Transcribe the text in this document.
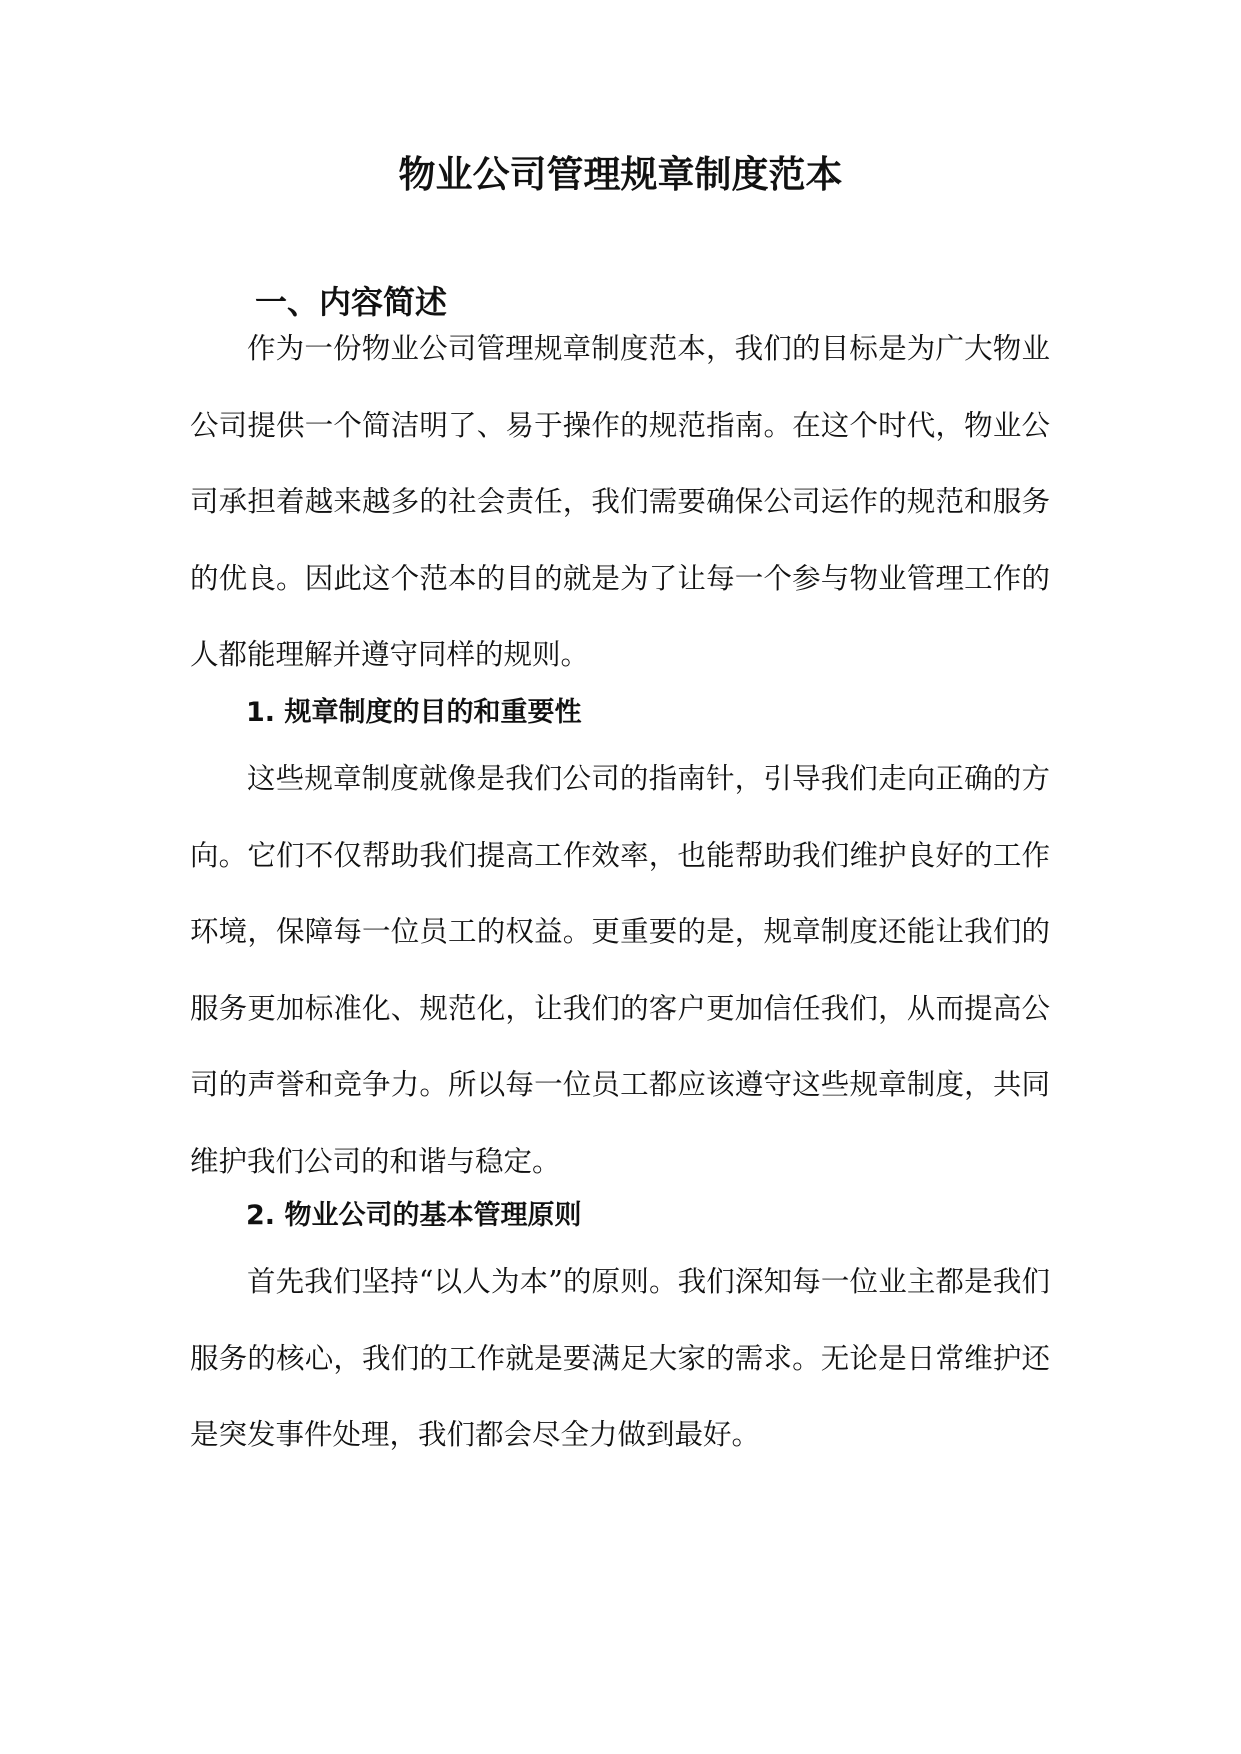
物业公司管理规章制度范本
一、内容简述

作为一份物业公司管理规章制度范本，我们的目标是为广大物业公司提供一个简洁明了、易于操作的规范指南。在这个时代，物业公司承担着越来越多的社会责任，我们需要确保公司运作的规范和服务的优良。因此这个范本的目的就是为了让每一个参与物业管理工作的人都能理解并遵守同样的规则。

1. 规章制度的目的和重要性

这些规章制度就像是我们公司的指南针，引导我们走向正确的方向。它们不仅帮助我们提高工作效率，也能帮助我们维护良好的工作环境，保障每一位员工的权益。更重要的是，规章制度还能让我们的服务更加标准化、规范化，让我们的客户更加信任我们，从而提高公司的声誉和竞争力。所以每一位员工都应该遵守这些规章制度，共同维护我们公司的和谐与稳定。

2. 物业公司的基本管理原则

首先我们坚持“以人为本”的原则。我们深知每一位业主都是我们服务的核心，我们的工作就是要满足大家的需求。无论是日常维护还是突发事件处理，我们都会尽全力做到最好。
